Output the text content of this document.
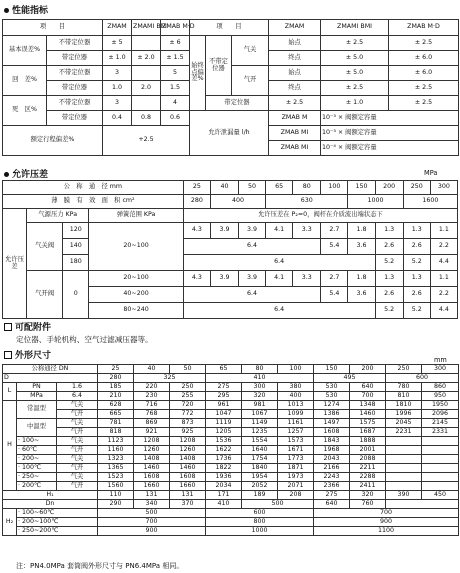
性能指标
项　　目		ZMAM	ZMAMI BMI	ZMAB M·D	项　　目			ZMAM	ZMAMI BMI	ZMAB M·D
基本误差%	不带定位器	± 5		± 6	始终点偏差%	不带定位器	气关	始点	± 2.5	± 2.5
	带定位器	± 1.0	± 2.0	± 1.5				终点	± 5.0	± 6.0
回　差%	不带定位器	3		5			气开	始点	± 5.0	± 6.0
	带定位器	1.0	2.0	1.5				终点	± 2.5	± 2.5
死　区%	不带定位器	3		4		带定位器		± 2.5	± 1.0	± 2.5
	带定位器	0.4	0.8	0.6	允许泄漏量 l/h			ZMAB M	10⁻³ × 阀额定容量	
额定行程偏差%		+2.5						ZMAB MI	10⁻³ × 阀额定容量	
								ZMAB MI	10⁻⁴ × 阀额定容量	
允许压差	MPa
公　称　通　径 mm				25	40	50	65	80	100	150	200	250	300
薄　膜　有　效　面　积 cm²				280	400		630			1000		1600	
允许压差	气源压力 KPa		弹簧范围 KPa	允许压差在 P₂=0，阀杆在介质流出端状态下									
	气关阀	120	20~100	4.3	3.9	3.9	4.1	3.3	2.7	1.8	1.3	1.3	1.1
		140		6.4					5.4	3.6	2.6	2.6	2.2
		180		6.4							5.2	5.2	4.4
	气开阀	0	20~100	4.3	3.9	3.9	4.1	3.3	2.7	1.8	1.3	1.3	1.1
			40~200	6.4					5.4	3.6	2.6	2.6	2.2
			80~240	6.4							5.2	5.2	4.4
可配附件
定位器、手轮机构、空气过滤减压器等。
外形尺寸	mm
公称通径 DN			25	40	50	65	80	100	150	200	250	300
D			280	325		410			495		600	
L	PN	1.6	185	220	250	275	300	380	530	640	780	860
	MPa	6.4	210	230	255	295	320	400	530	700	810	950
H	常温型	气关	628	716	720	961	981	1013	1274	1348	1810	1950
		气开	665	768	772	1047	1067	1099	1386	1460	1996	2096
	中温型	气关	781	869	873	1119	1149	1161	1497	1575	2045	2145
		气开	818	921	925	1205	1235	1257	1608	1687	2231	2331
	· 100~	气关	1123	1208	1208	1536	1554	1573	1843	1888		
	· 60℃	气开	1160	1260	1260	1622	1640	1671	1968	2001		
	· 200~	气关	1323	1408	1408	1736	1754	1773	2043	2088		
	· 100℃	气开	1365	1460	1460	1822	1840	1871	2166	2211		
	· 250~	气关	1523	1608	1608	1936	1954	1973	2243	2288		
	· 200℃	气开	1560	1660	1660	2034	2052	2071	2366	2411		
H₁			110	131	131	171	189	208	275	320	390	450
Dn			290	340	370	410	500		640	760		
H₂	· 100~60℃		500			600			700			
	· 200~100℃		700			800			900			
	· 250~200℃		900			1000			1100			
注：PN4.0MPa 套筒阀外形尺寸与 PN6.4MPa 相同。
